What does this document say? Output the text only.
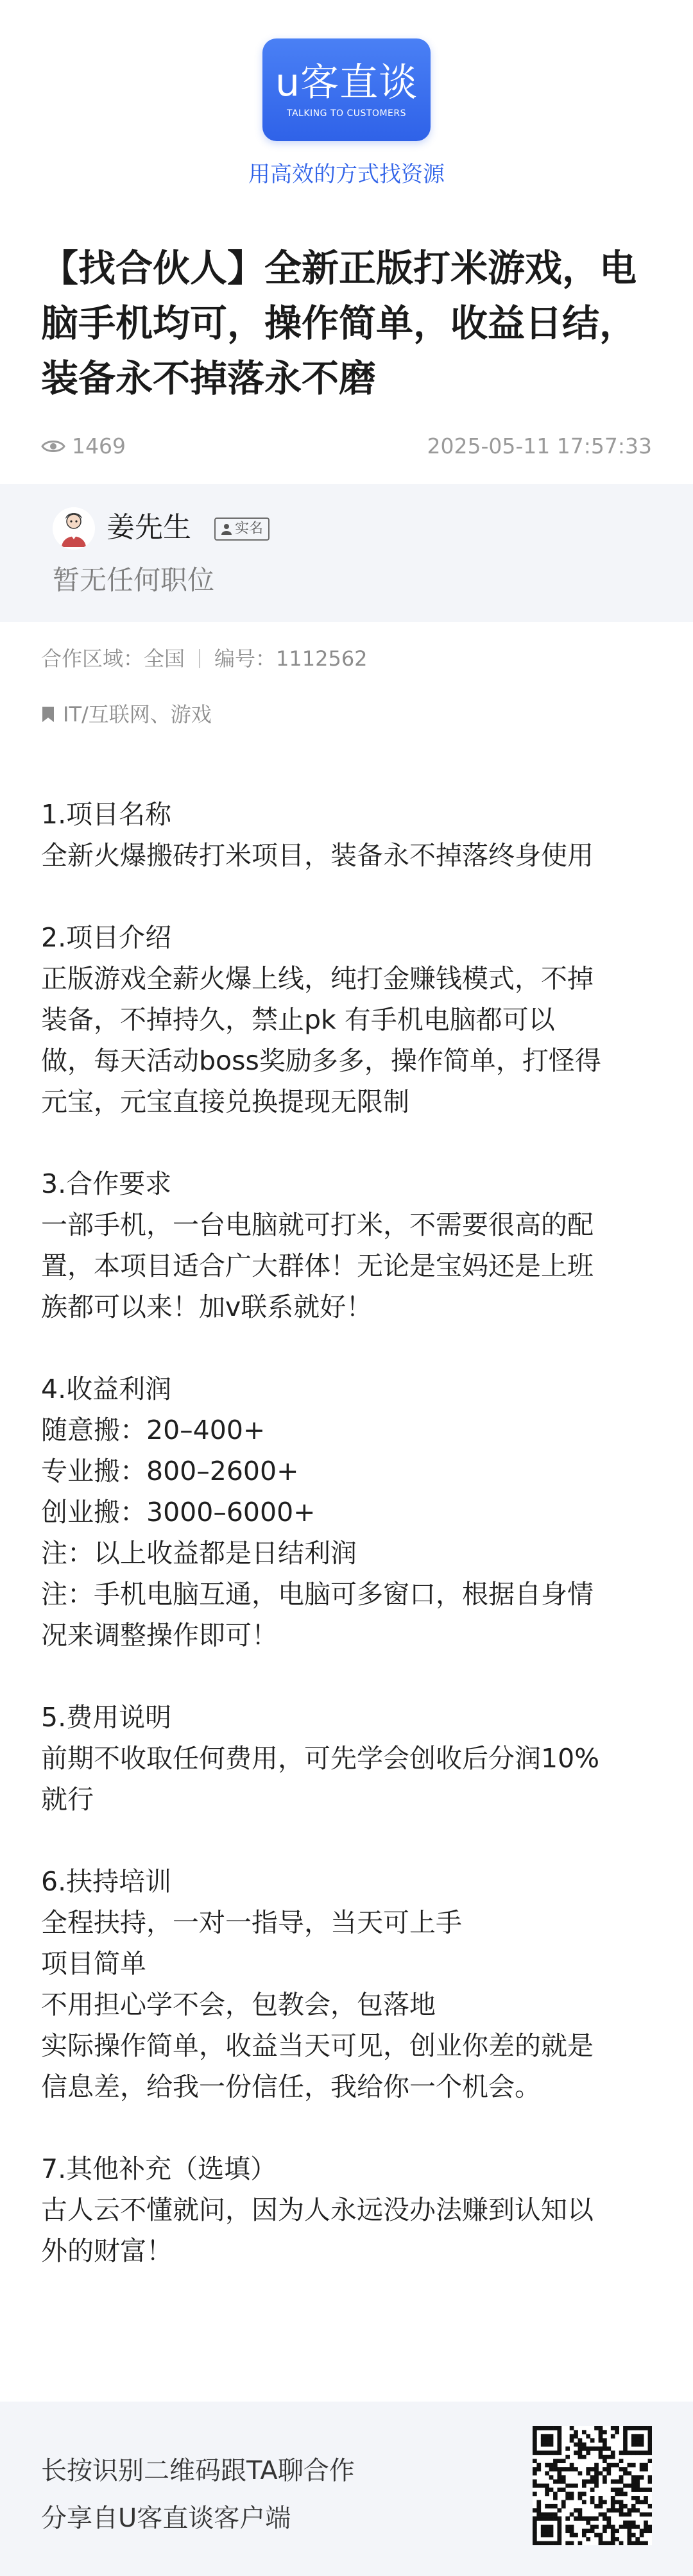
u客直谈
TALKING TO CUSTOMERS
用高效的方式找资源
【找合伙人】全新正版打米游戏，电脑手机均可，操作简单，收益日结，装备永不掉落永不磨
1469	2025-05-11 17:57:33
姜先生	实名
暂无任何职位
合作区域：全国 编号：1112562
IT/互联网、游戏
1.项目名称
全新火爆搬砖打米项目，装备永不掉落终身使用
2.项目介绍
正版游戏全薪火爆上线，纯打金赚钱模式，不掉
装备，不掉持久，禁止pk 有手机电脑都可以
做，每天活动boss奖励多多，操作简单，打怪得
元宝，元宝直接兑换提现无限制
3.合作要求
一部手机，一台电脑就可打米，不需要很高的配
置，本项目适合广大群体！无论是宝妈还是上班
族都可以来！加v联系就好！
4.收益利润
随意搬：20–400+
专业搬：800–2600+
创业搬：3000–6000+
注：以上收益都是日结利润
注：手机电脑互通，电脑可多窗口，根据自身情
况来调整操作即可！
5.费用说明
前期不收取任何费用，可先学会创收后分润10%
就行
6.扶持培训
全程扶持，一对一指导，当天可上手
项目简单
不用担心学不会，包教会，包落地
实际操作简单，收益当天可见，创业你差的就是
信息差，给我一份信任，我给你一个机会。
7.其他补充（选填）
古人云不懂就问，因为人永远没办法赚到认知以
外的财富！
长按识别二维码跟TA聊合作
分享自U客直谈客户端
